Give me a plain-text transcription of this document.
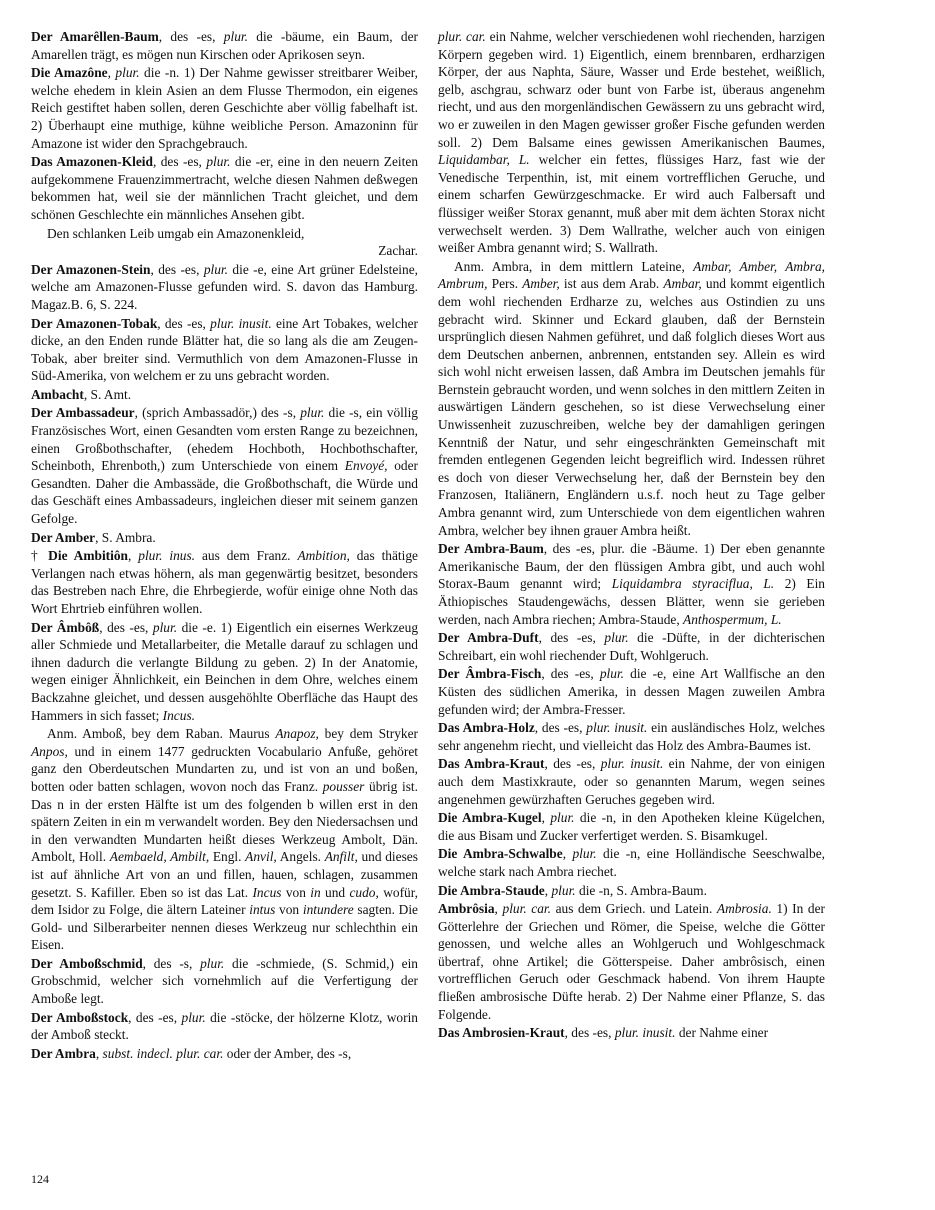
Der Amarêllen-Baum, des -es, plur. die -bäume, ein Baum, der Amarellen trägt, es mögen nun Kirschen oder Aprikosen seyn.

Die Amazône, plur. die -n. 1) Der Nahme gewisser streitbarer Weiber, welche ehedem in klein Asien an dem Flusse Thermodon, ein eigenes Reich gestiftet haben sollen, deren Geschichte aber völlig fabelhaft ist. 2) Überhaupt eine muthige, kühne weibliche Person. Amazoninn für Amazone ist wider den Sprachgebrauch.

Das Amazonen-Kleid, des -es, plur. die -er, eine in den neuern Zeiten aufgekommene Frauenzimmertracht, welche diesen Nahmen deßwegen bekommen hat, weil sie der männlichen Tracht gleichet, und dem schönen Geschlechte ein männliches Ansehen gibt.

Den schlanken Leib umgab ein Amazonenkleid,

Zachar.

Der Amazonen-Stein, des -es, plur. die -e, eine Art grüner Edelsteine, welche am Amazonen-Flusse gefunden wird. S. davon das Hamburg. Magaz.B. 6, S. 224.

Der Amazonen-Tobak, des -es, plur. inusit. eine Art Tobakes, welcher dicke, an den Enden runde Blätter hat, die so lang als die am Zeugen-Tobak, aber breiter sind. Vermuthlich von dem Amazonen-Flusse in Süd-Amerika, von welchem er zu uns gebracht worden.

Ambacht, S. Amt.

Der Ambassadeur, (sprich Ambassadör,) des -s, plur. die -s, ein völlig Französisches Wort, einen Gesandten vom ersten Range zu bezeichnen, einen Großbothschafter, (ehedem Hochboth, Hochbothschafter, Scheinboth, Ehrenboth,) zum Unterschiede von einem Envoyé, oder Gesandten. Daher die Ambassäde, die Großbothschaft, die Würde und das Geschäft eines Ambassadeurs, ingleichen dieser mit seinem ganzen Gefolge.

Der Amber, S. Ambra.

† Die Ambitiôn, plur. inus. aus dem Franz. Ambition, das thätige Verlangen nach etwas höhern, als man gegenwärtig besitzet, besonders das Bestreben nach Ehre, die Ehrbegierde, wofür einige ohne Noth das Wort Ehrtrieb einführen wollen.

Der Âmbôß, des -es, plur. die -e. 1) Eigentlich ein eisernes Werkzeug aller Schmiede und Metallarbeiter, die Metalle darauf zu schlagen und ihnen dadurch die verlangte Bildung zu geben. 2) In der Anatomie, wegen einiger Ähnlichkeit, ein Beinchen in dem Ohre, welches einem Backzahne gleichet, und dessen ausgehöhlte Oberfläche das Haupt des Hammers in sich fasset; Incus.

Anm. Amboß, bey dem Raban. Maurus Anapoz, bey dem Stryker Anpos, und in einem 1477 gedruckten Vocabulario Anfuße, gehöret ganz den Oberdeutschen Mundarten zu, und ist von an und boßen, botten oder batten schlagen, wovon noch das Franz. pousser übrig ist. Das n in der ersten Hälfte ist um des folgenden b willen erst in den spätern Zeiten in ein m verwandelt worden. Bey den Niedersachsen und in den verwandten Mundarten heißt dieses Werkzeug Ambolt, Dän. Ambolt, Holl. Aembaeld, Ambilt, Engl. Anvil, Angels. Anfilt, und dieses ist auf ähnliche Art von an und fillen, hauen, schlagen, zusammen gesetzt. S. Kafiller. Eben so ist das Lat. Incus von in und cudo, wofür, dem Isidor zu Folge, die ältern Lateiner intus von intundere sagten. Die Gold- und Silberarbeiter nennen dieses Werkzeug nur schlechthin ein Eisen.

Der Amboßschmid, des -s, plur. die -schmiede, (S. Schmid,) ein Grobschmid, welcher sich vornehmlich auf die Verfertigung der Amboße legt.

Der Amboßstock, des -es, plur. die -stöcke, der hölzerne Klotz, worin der Amboß steckt.

Der Ambra, subst. indecl. plur. car. oder der Amber, des -s,

plur. car. ein Nahme, welcher verschiedenen wohl riechenden, harzigen Körpern gegeben wird. 1) Eigentlich, einem brennbaren, erdharzigen Körper, der aus Naphta, Säure, Wasser und Erde bestehet, weißlich, gelb, aschgrau, schwarz oder bunt von Farbe ist, überaus angenehm riecht, und aus den morgenländischen Gewässern zu uns gebracht wird, wo er zuweilen in den Magen gewisser großer Fische gefunden werden soll. 2) Dem Balsame eines gewissen Amerikanischen Baumes, Liquidambar, L. welcher ein fettes, flüssiges Harz, fast wie der Venedische Terpenthin, ist, mit einem vortrefflichen Geruche, und einem scharfen Gewürzgeschmacke. Er wird auch Falbersaft und flüssiger weißer Storax genannt, muß aber mit dem ächten Storax nicht verwechselt werden. 3) Dem Wallrathe, welcher auch von einigen weißer Ambra genannt wird; S. Wallrath.

Anm. Ambra, in dem mittlern Lateine, Ambar, Amber, Ambra, Ambrum, Pers. Amber, ist aus dem Arab. Ambar, und kommt eigentlich dem wohl riechenden Erdharze zu, welches aus Ostindien zu uns gebracht wird. Skinner und Eckard glauben, daß der Bernstein ursprünglich diesen Nahmen geführet, und daß folglich dieses Wort aus dem Deutschen anbernen, anbrennen, entstanden sey. Allein es wird sich wohl nicht erweisen lassen, daß Ambra im Deutschen jemahls für Bernstein gebraucht worden, und wenn solches in den mittlern Zeiten in auswärtigen Ländern geschehen, so ist diese Verwechselung einer Unwissenheit zuzuschreiben, welche bey der damahligen geringen Kenntniß der Natur, und sehr eingeschränkten Gemeinschaft mit fremden entlegenen Gegenden leicht begreiflich wird. Indessen rühret es doch von dieser Verwechselung her, daß der Bernstein bey den Franzosen, Italiänern, Engländern u.s.f. noch heut zu Tage gelber Ambra genannt wird, zum Unterschiede von dem eigentlichen wahren Ambra, welcher bey ihnen grauer Ambra heißt.

Der Ambra-Baum, des -es, plur. die -Bäume. 1) Der eben genannte Amerikanische Baum, der den flüssigen Ambra gibt, und auch wohl Storax-Baum genannt wird; Liquidambra styraciflua, L. 2) Ein Äthiopisches Staudengewächs, dessen Blätter, wenn sie gerieben werden, nach Ambra riechen; Ambra-Staude, Anthospermum, L.

Der Ambra-Duft, des -es, plur. die -Düfte, in der dichterischen Schreibart, ein wohl riechender Duft, Wohlgeruch.

Der Âmbra-Fisch, des -es, plur. die -e, eine Art Wallfische an den Küsten des südlichen Amerika, in dessen Magen zuweilen Ambra gefunden wird; der Ambra-Fresser.

Das Ambra-Holz, des -es, plur. inusit. ein ausländisches Holz, welches sehr angenehm riecht, und vielleicht das Holz des Ambra-Baumes ist.

Das Ambra-Kraut, des -es, plur. inusit. ein Nahme, der von einigen auch dem Mastixkraute, oder so genannten Marum, wegen seines angenehmen gewürzhaften Geruches gegeben wird.

Die Ambra-Kugel, plur. die -n, in den Apotheken kleine Kügelchen, die aus Bisam und Zucker verfertiget werden. S. Bisamkugel.

Die Ambra-Schwalbe, plur. die -n, eine Holländische Seeschwalbe, welche stark nach Ambra riechet.

Die Ambra-Staude, plur. die -n, S. Ambra-Baum.

Ambrôsia, plur. car. aus dem Griech. und Latein. Ambrosia. 1) In der Götterlehre der Griechen und Römer, die Speise, welche die Götter genossen, und welche alles an Wohlgeruch und Wohlgeschmack übertraf, ohne Artikel; die Götterspeise. Daher ambrôsisch, einen vortrefflichen Geruch oder Geschmack habend. Von ihrem Haupte fließen ambrosische Düfte herab. 2) Der Nahme einer Pflanze, S. das Folgende.

Das Ambrosien-Kraut, des -es, plur. inusit. der Nahme einer

124
